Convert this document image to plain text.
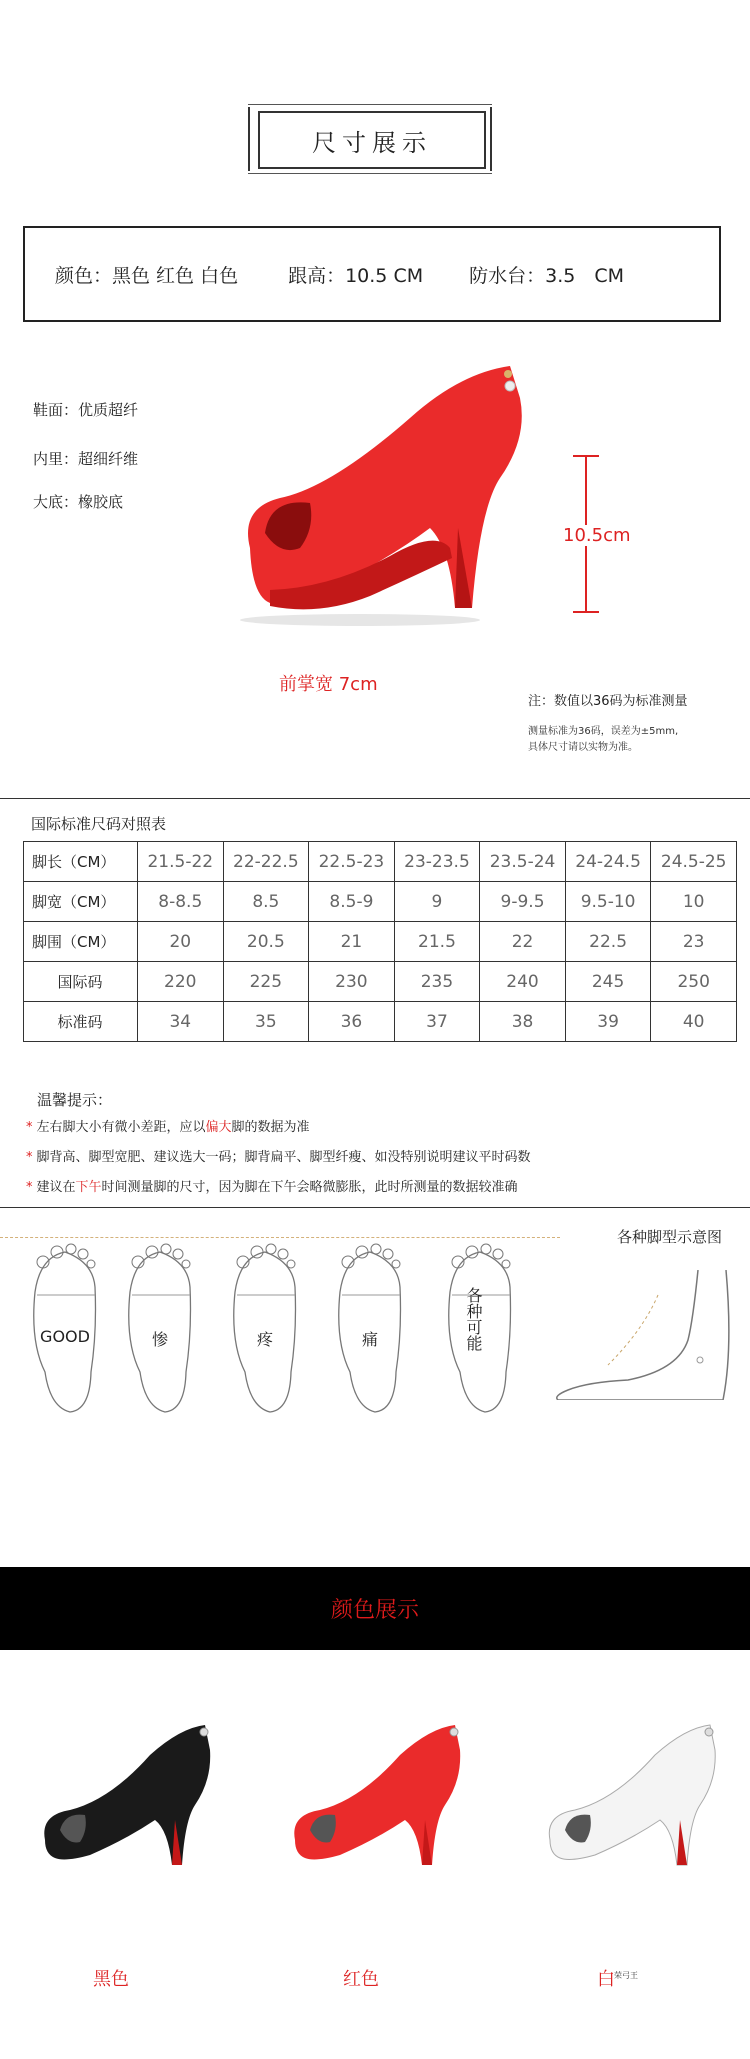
尺寸展示
颜色：黑色 红色 白色	跟高：10.5 CM 防水台：3.5　CM
鞋面：优质超纤
内里：超细纤维
大底：橡胶底
10.5cm
前掌宽 7cm
注：数值以36码为标准测量
测量标准为36码，误差为±5mm,
具体尺寸请以实物为准。
国际标准尺码对照表
脚长（CM）	21.5-22	22-22.5	22.5-23	23-23.5	23.5-24	24-24.5	24.5-25
脚宽（CM）	8-8.5	8.5	8.5-9	9	9-9.5	9.5-10	10
脚围（CM）	20	20.5	21	21.5	22	22.5	23
国际码	220	225	230	235	240	245	250
标准码	34	35	36	37	38	39	40
温馨提示：
* 左右脚大小有微小差距，应以偏大脚的数据为准
* 脚背高、脚型宽肥、建议选大一码；脚背扁平、脚型纤瘦、如没特别说明建议平时码数
* 建议在下午时间测量脚的尺寸，因为脚在下午会略微膨胀，此时所测量的数据较准确
各种脚型示意图
GOOD	惨	疼	痛	各种可能
颜色展示
黑色	红色	白 荣弓王
